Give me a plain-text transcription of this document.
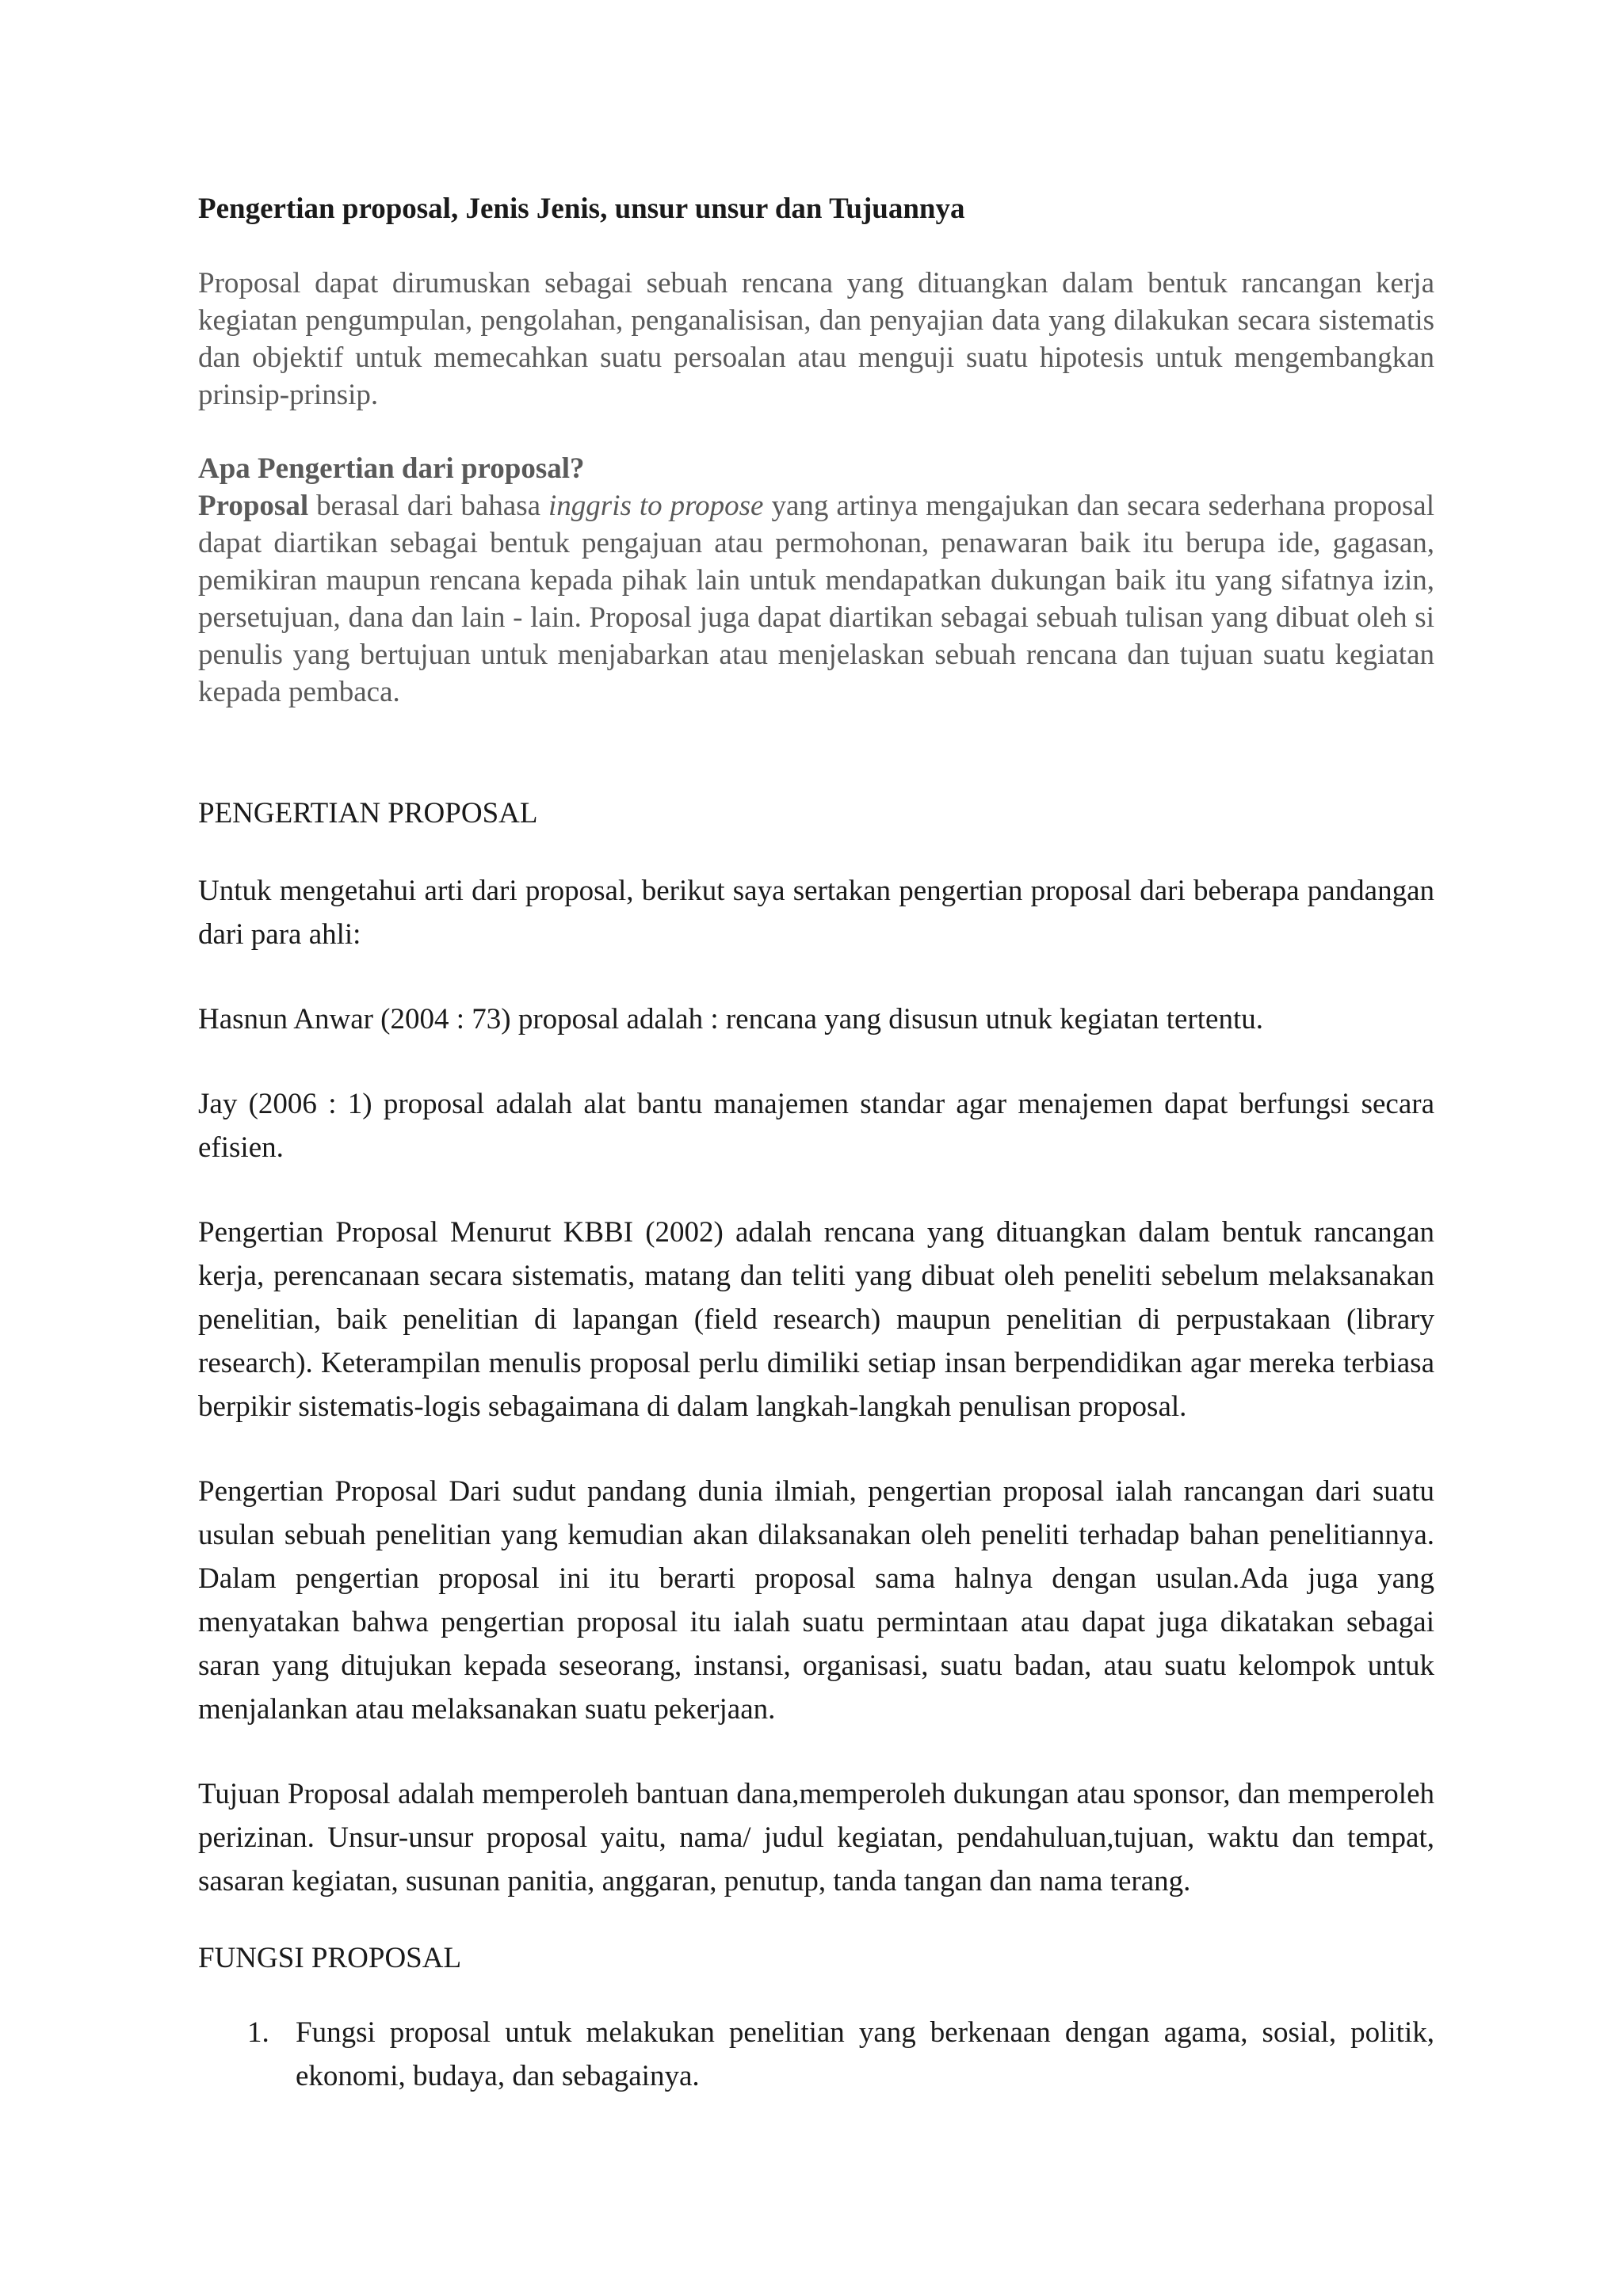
Pengertian proposal, Jenis Jenis, unsur unsur dan Tujuannya

Proposal dapat dirumuskan sebagai sebuah rencana yang dituangkan dalam bentuk rancangan kerja kegiatan pengumpulan, pengolahan, penganalisisan, dan penyajian data yang dilakukan secara sistematis dan objektif untuk memecahkan suatu persoalan atau menguji suatu hipotesis untuk mengembangkan prinsip-prinsip.

Apa Pengertian dari proposal?

Proposal berasal dari bahasa inggris to propose yang artinya mengajukan dan secara sederhana proposal dapat diartikan sebagai bentuk pengajuan atau permohonan, penawaran baik itu berupa ide, gagasan, pemikiran maupun rencana kepada pihak lain untuk mendapatkan dukungan baik itu yang sifatnya izin, persetujuan, dana dan lain - lain. Proposal juga dapat diartikan sebagai sebuah tulisan yang dibuat oleh si penulis yang bertujuan untuk menjabarkan atau menjelaskan sebuah rencana dan tujuan suatu kegiatan kepada pembaca.

PENGERTIAN PROPOSAL

Untuk mengetahui arti dari proposal, berikut saya sertakan pengertian proposal dari beberapa pandangan dari para ahli:

Hasnun Anwar (2004 : 73) proposal adalah : rencana yang disusun utnuk kegiatan tertentu.

Jay (2006 : 1) proposal adalah alat bantu manajemen standar agar menajemen dapat berfungsi secara efisien.

Pengertian Proposal Menurut KBBI (2002) adalah rencana yang dituangkan dalam bentuk rancangan kerja, perencanaan secara sistematis, matang dan teliti yang dibuat oleh peneliti sebelum melaksanakan penelitian, baik penelitian di lapangan (field research) maupun penelitian di perpustakaan (library research). Keterampilan menulis proposal perlu dimiliki setiap insan berpendidikan agar mereka terbiasa berpikir sistematis-logis sebagaimana di dalam langkah-langkah penulisan proposal.

Pengertian Proposal Dari sudut pandang dunia ilmiah, pengertian proposal ialah rancangan dari suatu usulan sebuah penelitian yang kemudian akan dilaksanakan oleh peneliti terhadap bahan penelitiannya. Dalam pengertian proposal ini itu berarti proposal sama halnya dengan usulan.Ada juga yang menyatakan bahwa pengertian proposal itu ialah suatu permintaan atau dapat juga dikatakan sebagai saran yang ditujukan kepada seseorang, instansi, organisasi, suatu badan, atau suatu kelompok untuk menjalankan atau melaksanakan suatu pekerjaan.

Tujuan Proposal adalah memperoleh bantuan dana,memperoleh dukungan atau sponsor, dan memperoleh perizinan. Unsur-unsur proposal yaitu, nama/ judul kegiatan, pendahuluan,tujuan, waktu dan tempat, sasaran kegiatan, susunan panitia, anggaran, penutup, tanda tangan dan nama terang.

FUNGSI PROPOSAL
1. Fungsi proposal untuk melakukan penelitian yang berkenaan dengan agama, sosial, politik, ekonomi, budaya, dan sebagainya.
